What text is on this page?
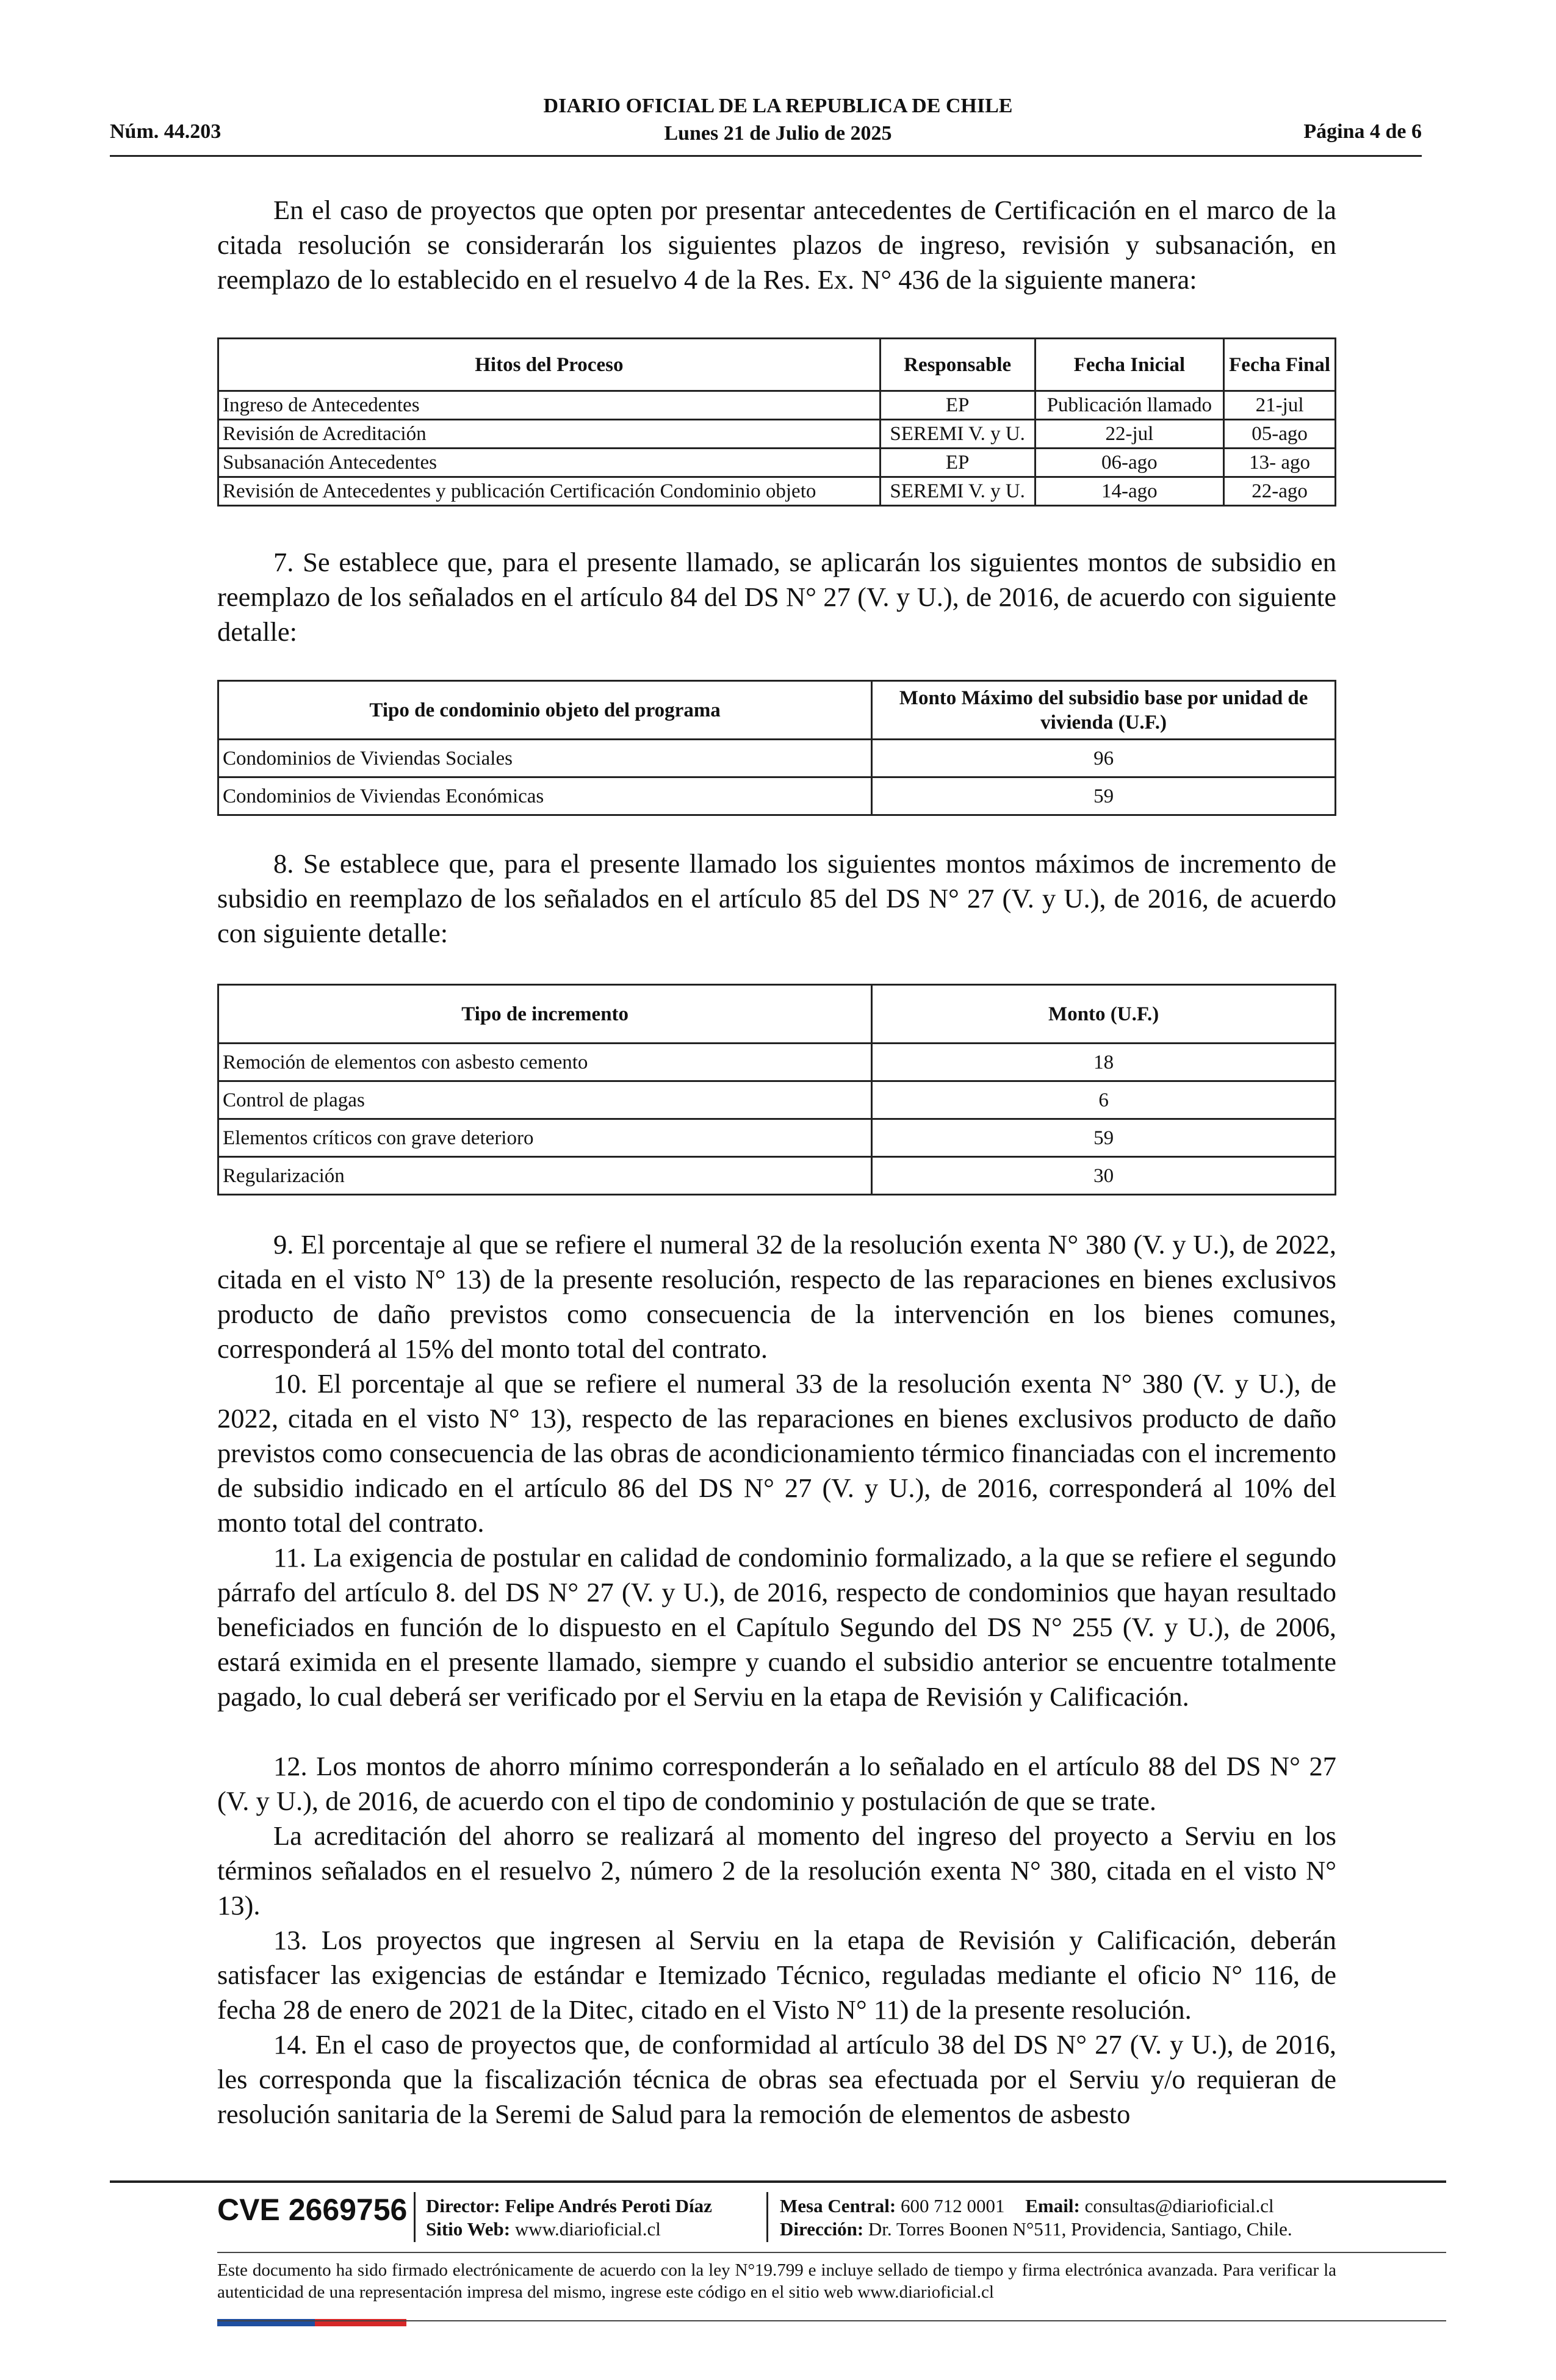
DIARIO OFICIAL DE LA REPUBLICA DE CHILE
Lunes 21 de Julio de 2025
Núm. 44.203	Página 4 de 6

En el caso de proyectos que opten por presentar antecedentes de Certificación en el marco de la citada resolución se considerarán los siguientes plazos de ingreso, revisión y subsanación, en reemplazo de lo establecido en el resuelvo 4 de la Res. Ex. N° 436 de la siguiente manera:

Hitos del Proceso	Responsable	Fecha Inicial	Fecha Final
Ingreso de Antecedentes	EP	Publicación llamado	21-jul
Revisión de Acreditación	SEREMI V. y U.	22-jul	05-ago
Subsanación Antecedentes	EP	06-ago	13- ago
Revisión de Antecedentes y publicación Certificación Condominio objeto	SEREMI V. y U.	14-ago	22-ago

7. Se establece que, para el presente llamado, se aplicarán los siguientes montos de subsidio en reemplazo de los señalados en el artículo 84 del DS N° 27 (V. y U.), de 2016, de acuerdo con siguiente detalle:

Tipo de condominio objeto del programa	Monto Máximo del subsidio base por unidad de vivienda (U.F.)
Condominios de Viviendas Sociales	96
Condominios de Viviendas Económicas	59

8. Se establece que, para el presente llamado los siguientes montos máximos de incremento de subsidio en reemplazo de los señalados en el artículo 85 del DS N° 27 (V. y U.), de 2016, de acuerdo con siguiente detalle:

Tipo de incremento	Monto (U.F.)
Remoción de elementos con asbesto cemento	18
Control de plagas	6
Elementos críticos con grave deterioro	59
Regularización	30

9. El porcentaje al que se refiere el numeral 32 de la resolución exenta N° 380 (V. y U.), de 2022, citada en el visto N° 13) de la presente resolución, respecto de las reparaciones en bienes exclusivos producto de daño previstos como consecuencia de la intervención en los bienes comunes, corresponderá al 15% del monto total del contrato.

10. El porcentaje al que se refiere el numeral 33 de la resolución exenta N° 380 (V. y U.), de 2022, citada en el visto N° 13), respecto de las reparaciones en bienes exclusivos producto de daño previstos como consecuencia de las obras de acondicionamiento térmico financiadas con el incremento de subsidio indicado en el artículo 86 del DS N° 27 (V. y U.), de 2016, corresponderá al 10% del monto total del contrato.

11. La exigencia de postular en calidad de condominio formalizado, a la que se refiere el segundo párrafo del artículo 8. del DS N° 27 (V. y U.), de 2016, respecto de condominios que hayan resultado beneficiados en función de lo dispuesto en el Capítulo Segundo del DS N° 255 (V. y U.), de 2006, estará eximida en el presente llamado, siempre y cuando el subsidio anterior se encuentre totalmente pagado, lo cual deberá ser verificado por el Serviu en la etapa de Revisión y Calificación.

12. Los montos de ahorro mínimo corresponderán a lo señalado en el artículo 88 del DS N° 27 (V. y U.), de 2016, de acuerdo con el tipo de condominio y postulación de que se trate.

La acreditación del ahorro se realizará al momento del ingreso del proyecto a Serviu en los términos señalados en el resuelvo 2, número 2 de la resolución exenta N° 380, citada en el visto N° 13).

13. Los proyectos que ingresen al Serviu en la etapa de Revisión y Calificación, deberán satisfacer las exigencias de estándar e Itemizado Técnico, reguladas mediante el oficio N° 116, de fecha 28 de enero de 2021 de la Ditec, citado en el Visto N° 11) de la presente resolución.

14. En el caso de proyectos que, de conformidad al artículo 38 del DS N° 27 (V. y U.), de 2016, les corresponda que la fiscalización técnica de obras sea efectuada por el Serviu y/o requieran de resolución sanitaria de la Seremi de Salud para la remoción de elementos de asbesto

CVE 2669756 Director: Felipe Andrés Peroti Díaz
Sitio Web: www.diarioficial.cl
Mesa Central: 600 712 0001 Email: consultas@diarioficial.cl
Dirección: Dr. Torres Boonen N°511, Providencia, Santiago, Chile.
Este documento ha sido firmado electrónicamente de acuerdo con la ley N°19.799 e incluye sellado de tiempo y firma electrónica avanzada. Para verificar la autenticidad de una representación impresa del mismo, ingrese este código en el sitio web www.diarioficial.cl
